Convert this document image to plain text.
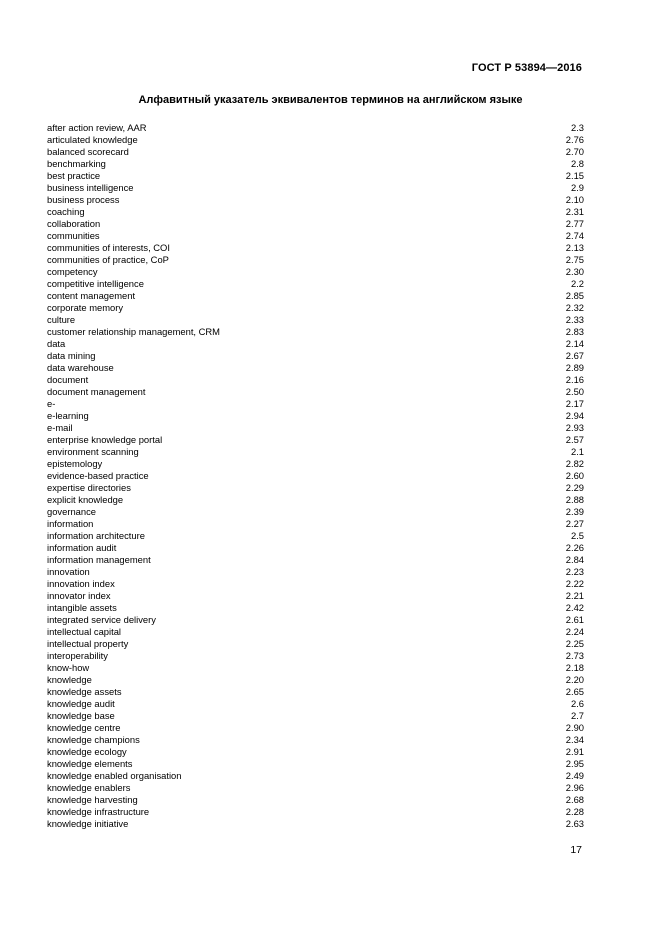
ГОСТ Р 53894—2016
Алфавитный указатель эквивалентов терминов на английском языке
after action review, AAR	2.3
articulated knowledge	2.76
balanced scorecard	2.70
benchmarking	2.8
best practice	2.15
business intelligence	2.9
business process	2.10
coaching	2.31
collaboration	2.77
communities	2.74
communities of interests, COI	2.13
communities of practice, CoP	2.75
competency	2.30
competitive intelligence	2.2
content management	2.85
corporate memory	2.32
culture	2.33
customer relationship management, CRM	2.83
data	2.14
data mining	2.67
data warehouse	2.89
document	2.16
document management	2.50
e-	2.17
e-learning	2.94
e-mail	2.93
enterprise knowledge portal	2.57
environment scanning	2.1
epistemology	2.82
evidence-based practice	2.60
expertise directories	2.29
explicit knowledge	2.88
governance	2.39
information	2.27
information architecture	2.5
information audit	2.26
information management	2.84
innovation	2.23
innovation index	2.22
innovator index	2.21
intangible assets	2.42
integrated service delivery	2.61
intellectual capital	2.24
intellectual property	2.25
interoperability	2.73
know-how	2.18
knowledge	2.20
knowledge assets	2.65
knowledge audit	2.6
knowledge base	2.7
knowledge centre	2.90
knowledge champions	2.34
knowledge ecology	2.91
knowledge elements	2.95
knowledge enabled organisation	2.49
knowledge enablers	2.96
knowledge harvesting	2.68
knowledge infrastructure	2.28
knowledge initiative	2.63
17
